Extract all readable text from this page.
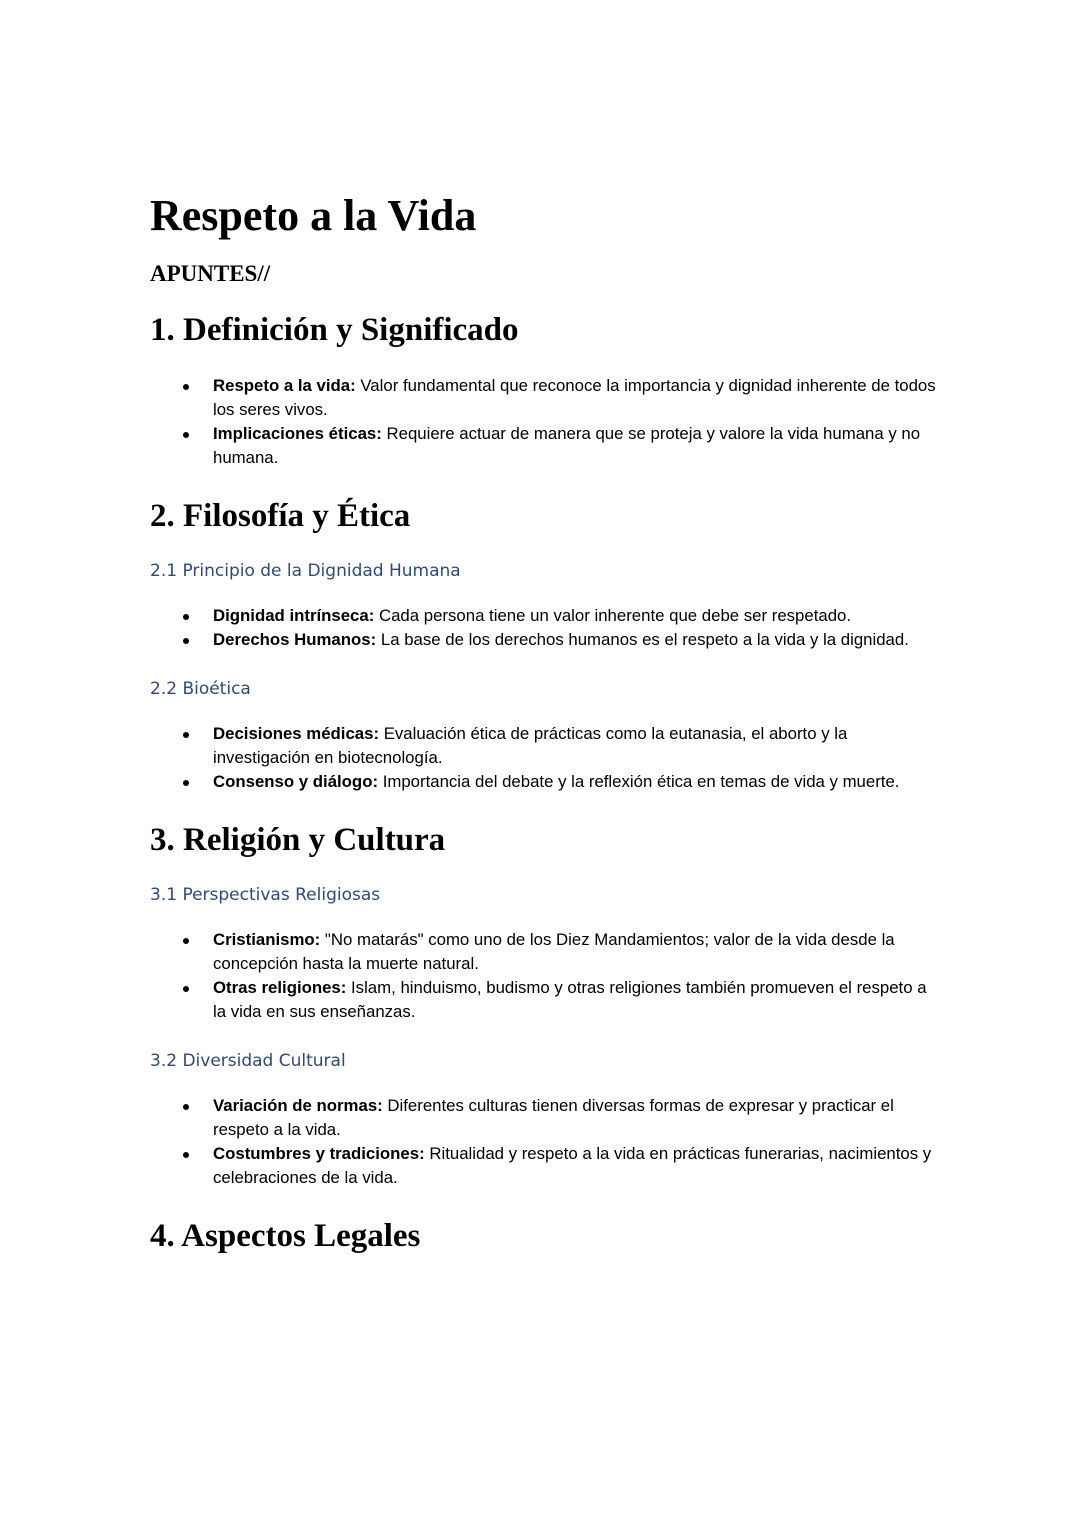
Respeto a la Vida
APUNTES//
1. Definición y Significado
Respeto a la vida: Valor fundamental que reconoce la importancia y dignidad inherente de todos los seres vivos.
Implicaciones éticas: Requiere actuar de manera que se proteja y valore la vida humana y no humana.
2. Filosofía y Ética
2.1 Principio de la Dignidad Humana
Dignidad intrínseca: Cada persona tiene un valor inherente que debe ser respetado.
Derechos Humanos: La base de los derechos humanos es el respeto a la vida y la dignidad.
2.2 Bioética
Decisiones médicas: Evaluación ética de prácticas como la eutanasia, el aborto y la investigación en biotecnología.
Consenso y diálogo: Importancia del debate y la reflexión ética en temas de vida y muerte.
3. Religión y Cultura
3.1 Perspectivas Religiosas
Cristianismo: "No matarás" como uno de los Diez Mandamientos; valor de la vida desde la concepción hasta la muerte natural.
Otras religiones: Islam, hinduismo, budismo y otras religiones también promueven el respeto a la vida en sus enseñanzas.
3.2 Diversidad Cultural
Variación de normas: Diferentes culturas tienen diversas formas de expresar y practicar el respeto a la vida.
Costumbres y tradiciones: Ritualidad y respeto a la vida en prácticas funerarias, nacimientos y celebraciones de la vida.
4. Aspectos Legales
